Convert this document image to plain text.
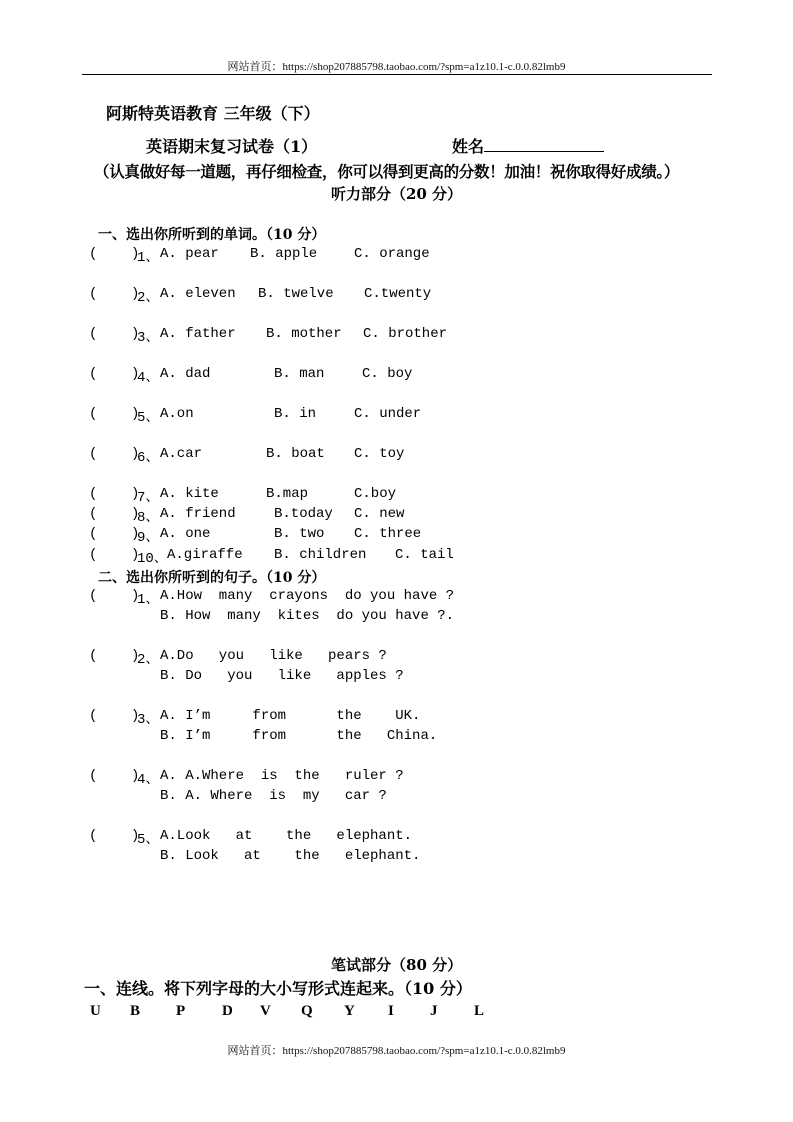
网站首页：https://shop207885798.taobao.com/?spm=a1z10.1-c.0.0.82lmb9
阿斯特英语教育 三年级（下）
英语期末复习试卷（1）	姓名
（认真做好每一道题，再仔细检查，你可以得到更高的分数！加油！祝你取得好成绩。）
听力部分（20 分）
一、选出你所听到的单词。（10 分）
(    )
1、 A. pear B. apple	C. orange
(    )
2、 A. eleven B. twelve C.twenty
(    )
3、 A. father B. mother C. brother
(    )
4、 A. dad	B. man	C. boy
(    )
5、 A.on	B. in	C. under
(    )
6、 A.car	B. boat C. toy
(    )
7、 A. kite	B.map	C.boy
(    )
8、 A. friend	B.today C. new
(    )
9、 A. one	B. two C. three
(    )
10、 A.giraffe B. children C. tail
二、选出你所听到的句子。（10 分）
(    )
1、 A.How  many  crayons  do you have ?
B. How  many  kites  do you have ?.
(    )
2、 A.Do   you   like   pears ?
B. Do   you   like   apples ?
(    )
3、 A. I’m     from      the    UK.
B. I’m     from      the   China.
(    )
4、 A. A.Where  is  the   ruler ?
B. A. Where  is  my   car ?
(    )
5、 A.Look   at    the   elephant.
B. Look   at    the   elephant.
笔试部分（80 分）
一、连线。将下列字母的大小写形式连起来。（10 分）
U B P D V Q Y I J L
网站首页：https://shop207885798.taobao.com/?spm=a1z10.1-c.0.0.82lmb9
